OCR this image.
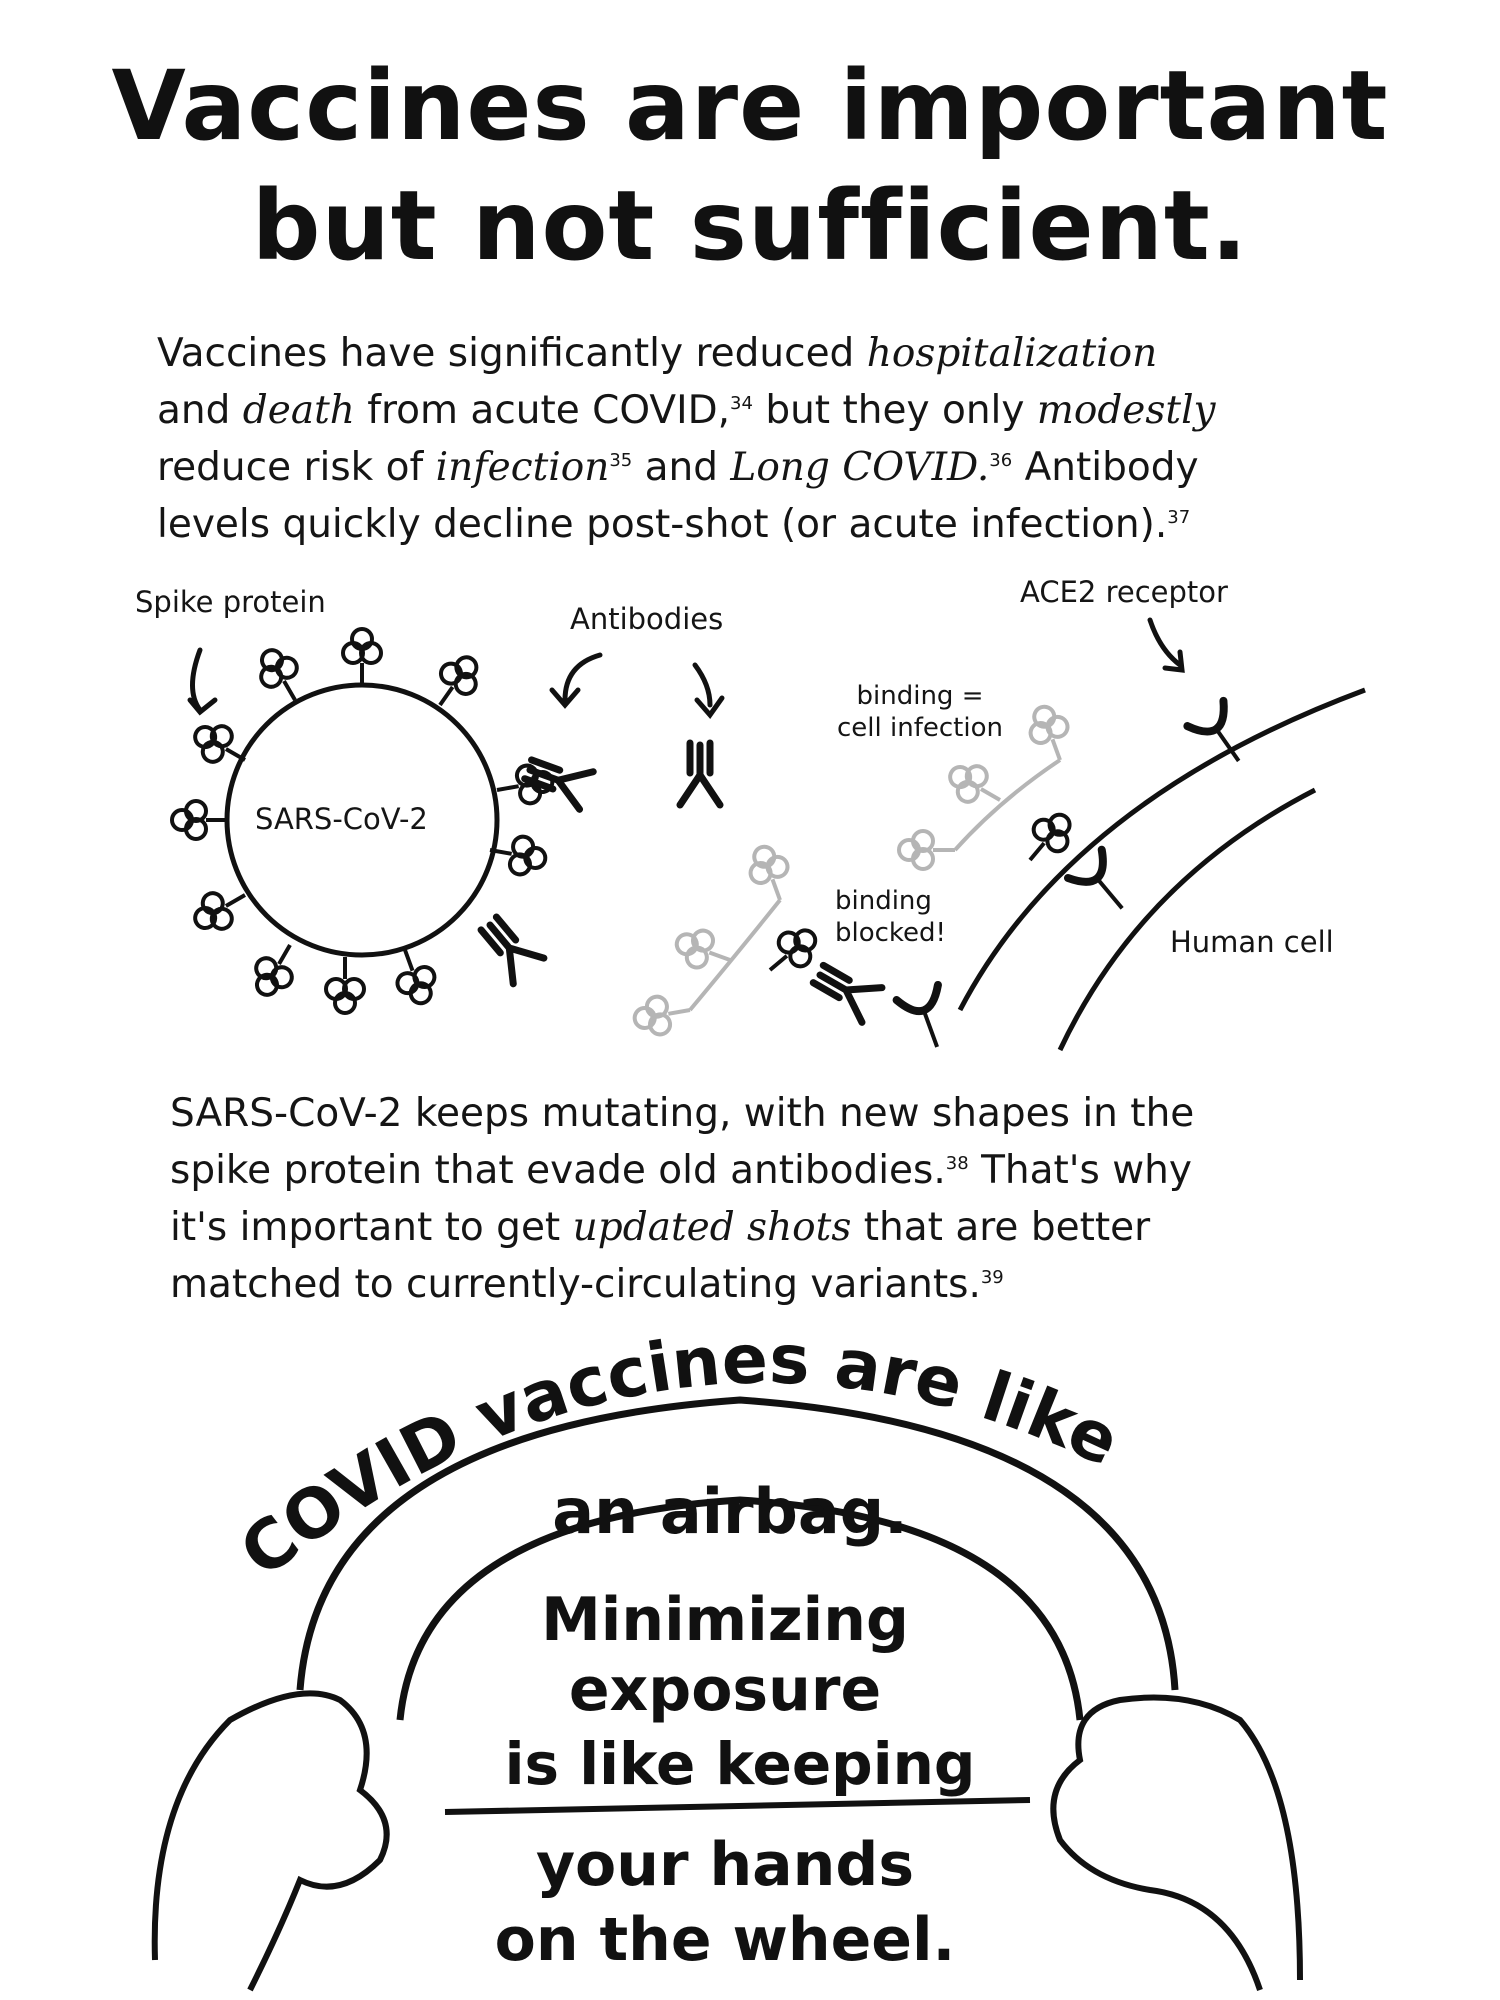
Vaccines are important
but not sufficient.
Vaccines have significantly reduced hospitalization
and death from acute COVID,$^{34}$ but they only modestly
reduce risk of infection$^{35}$ and Long COVID.$^{36}$ Antibody
levels quickly decline post-shot (or acute infection).$^{37}$
COVID vaccines are like
Spike protein	Antibodies
ACE2 receptor
SARS-CoV-2
binding =
cell infection
binding
blocked!	Human cell
SARS-CoV-2 keeps mutating, with new shapes in the
spike protein that evade old antibodies.$^{38}$ That's why
it's important to get updated shots that are better
matched to currently-circulating variants.$^{39}$
an airbag.
Minimizing
exposure
is like keeping
your hands
on the wheel.
